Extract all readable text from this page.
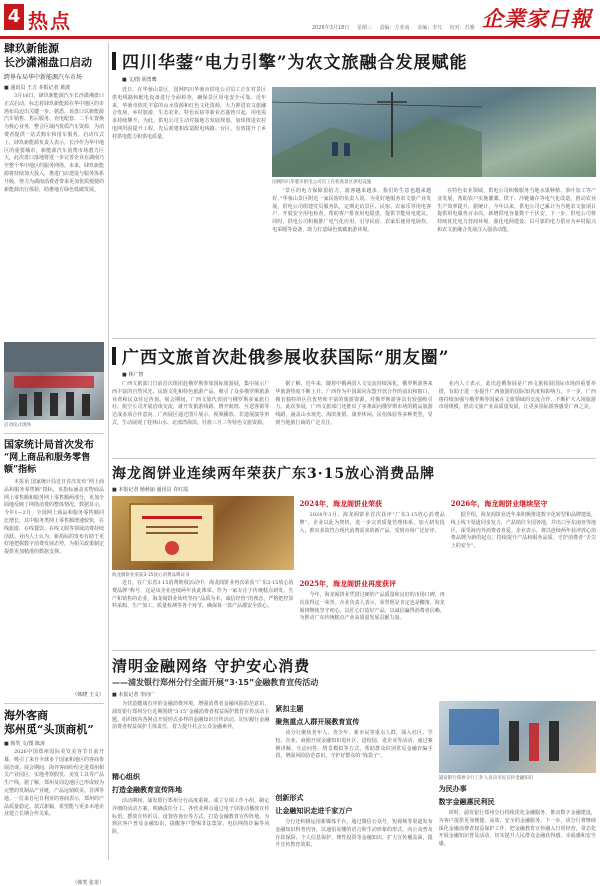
4 热点	2026年3月18日 星期三 责编：方亚南 美编：李凡 校对：苏雅 企業家日報
肆玖新能源
长沙潇湘盘口启动
跨界布局华中新能源汽车市场
■ 通讯员 王力 本报记者 黄波
3月16日，肆玖新能源汽车长沙潇湘盘口正式启动，标志着肆玖新能源在华中地区的市场布局迈出关键一步。据悉，该盘口以新能源汽车销售、售后服务、充电配套、二手车置换为核心业务，整合区域内优质汽车资源，为消费者提供一站式购车和用车服务。启动仪式上，肆玖新能源负责人表示，长沙作为华中地区的重要城市，新能源汽车消费市场潜力巨大，此次盘口落地将进一步完善企业在湖南乃至整个华中地区的服务网络。未来，肆玖新能源将持续加大投入，推进门店建设与服务体系升级，努力为湖南消费者带来更加优质便捷的新能源出行体验，助推地方绿色低碳发展。
启动仪式现场
国家统计局首次发布
“网上商品和服务零售额”指标
本报讯 国家统计局近日首次发布“网上商品和服务零售额”指标，该指标涵盖实物商品网上零售额和服务网上零售额两部分，更加全面地反映了网络消费的整体情况。数据显示，今年1—2月，全国网上商品和服务零售额同比增长，其中服务类网上零售额增速较快，在线旅游、在线餐饮、在线文娱等领域消费持续活跃。业内人士认为，新指标的发布有助于更好地把握数字消费发展态势，为相关政策制定提供更加精准的数据支撑。
（韩晓 王文）
海外客商
郑州觅“头顶商机”
■ 韩笑 文/图 陈涛
2026中国郑州国际美发美容节日前开幕，吸引了来自全球多个国家和地区的客商参展洽谈。展会期间，海外客商纷纷走进郑州相关产业园区，实地考察假发、美发工具等产品生产线。据了解，郑州及周边地区已形成较为完整的发制品产业链，产品远销欧美、非洲等地。一位来自尼日利亚的客商表示，郑州的产品质量稳定、款式新颖，希望能与更多本地企业建立长期合作关系。
（韩笑 张龙）
四川华蓥“电力引擎”为农文旅融合发展赋能
■ 文/图 胡勇鹰
近日，在华蓥山景区，国网四川华蓥市供电公司员工正在对景区供电线路和配电设备进行全面检查，确保景区用电安全可靠。近年来，华蓥市依托丰富的山水资源和红色文化资源，大力推进农文旅融合发展，乡村旅游、生态农业、特色民宿等新业态蓬勃兴起，用电需求持续攀升。为此，供电公司主动对接地方发展规划，加快推进农村电网巩固提升工程，先后新建和改造配电线路、台区，有效提升了乡村供电能力和供电质量。
国网四川华蓥市供电公司员工在检查景区供电设施
“景区的电力保障很给力，游客越来越多，我们的生意也越来越好。”华蓥山景区附近一家民宿的负责人说。为更好地服务农文旅产业发展，供电公司组建党员服务队，定期走访景区、民宿、农家乐等用电客户，开展安全用电检查，帮助客户排查用电隐患，提供节能用电建议。同时，供电公司积极推广电气化应用，引导民宿、农家乐使用电厨炊、电采暖等设备，助力打造绿色低碳旅游环境。
在特色农业领域，供电公司积极服务当地水果种植、茶叶加工等产业发展，帮助农户实施灌溉、烘干、冷链储存等电气化改造，推动农业生产效率提升。据统计，今年以来，供电公司已累计为当地农文旅项目提供用电服务百余次，新增供电容量数千千伏安。下一步，供电公司将持续优化电力营商环境，强化电网建设，以可靠的电力供应为乡村振兴和农文旅融合发展注入强劲动能。
广西文旅首次赴俄参展收获国际“朋友圈”
■ 林广智
广西文旅部门日前首次组团赴俄罗斯参加国际旅游展，集中展示广西丰富的自然风光、民族文化和特色旅游产品，吸引了众多俄罗斯旅游业者和民众驻足咨询。展会期间，广西文旅代表团与俄罗斯多家旅行社、航空公司开展洽谈交流，就开发旅游线路、增开航班、互送客源等达成多项合作意向。广西展区通过图片展示、视频播放、非遗展演等形式，生动展现了桂林山水、北部湾海滨、壮族三月三等特色文旅资源。
据了解，近年来，随着中俄两国人文交流持续深化，俄罗斯游客来华旅游热度不断上升。广西作为中国面向东盟开放合作的前沿和窗口，拥有独特的区位优势和丰富的旅游资源，对俄罗斯游客具有较强吸引力。此次参展，广西文旅部门还推出了多条面向俄罗斯市场的精品旅游线路，涵盖山水观光、海滨度假、康养休闲、民俗体验等多种类型，受到当地旅行商的广泛关注。
业内人士表示，此次赴俄参展是广西文旅拓展国际市场的重要举措，有助于进一步提升广西旅游的国际知名度和影响力。下一步，广西将持续加强与俄罗斯等国家在文旅领域的交流合作，不断扩大入境旅游市场规模，推动文旅产业高质量发展，让更多国际游客感受广西之美。
海龙阁饼业连续两年荣获广东3·15放心消费品牌
■ 本报记者 杨秋丽 通讯员 许红霞
海龙阁饼业荣获3·15放心消费品牌证书
近日，在广东省3·15消费维权活动中，海龙阁饼业再次荣获“广东3·15放心消费品牌”称号，这是该企业连续两年获此殊荣。作为一家专注于传统糕点研发、生产和销售的企业，海龙阁饼业始终坚持“品质为本、诚信经营”的理念，严格把控原料采购、生产加工、质量检测等各个环节，确保每一款产品都安全放心。
2024年，海龙阁饼业荣获
2024年3月，海龙阁饼业首次获评“广东3·15放心消费品牌”，企业以此为契机，进一步完善质量管理体系，加大研发投入，推出多款符合现代消费需求的新产品，受到市场广泛好评。
2025年，海龙阁饼业再度获评
今年，海龙阁饼业凭借过硬的产品质量和良好的市场口碑，再次获得这一荣誉。企业负责人表示，荣誉既是肯定也是鞭策，海龙阁将继续坚守初心，以匠心打造好产品，以诚信赢得消费者信赖，为推动广东传统糕点产业高质量发展贡献力量。
2026年，海龙阁饼业继续坚守
据介绍，海龙阁饼业近年来积极推进数字化转型和品牌建设，线上线下渠道同步发力，产品销往全国各地，并出口至东南亚等地区，深受海内外消费者喜爱。企业表示，将以连续两年获评放心消费品牌为新的起点，持续提升产品和服务品质，守护消费者“舌尖上的安全”。
清明金融网络 守护安心消费
——浦发银行郑州分行全面开展“3·15”金融教育宣传活动
■ 本报记者 李向广
为营造健康有序的金融消费环境，增强消费者金融风险防范意识，浦发银行郑州分行近期围绕“3·15”金融消费者权益保护教育宣传活动主题，组织辖内各网点开展形式多样的金融知识宣传活动，切实履行金融消费者权益保护主体责任，着力提升社会公众金融素养。
精心组织
打造金融教育宣传阵地
活动期间，浦发银行郑州分行高度重视，成立专项工作小组，制定详细的活动方案，明确责任分工。各营业网点通过电子屏滚动播放宣传标语、摆放宣传折页、设置咨询台等方式，打造金融教育宣传阵地，为到店客户普及金融知识，提醒客户警惕非法集资、电信网络诈骗等风险。
紧扣主题
聚焦重点人群开展教育宣传
该分行聚焦老年人、青少年、新市民等重点人群，深入社区、学校、企业、商圈开展金融知识进社区、进校园、进企业等活动，通过案例讲解、互动问答、情景模拟等方式，帮助群众识别常见金融诈骗手段，增强风险防范意识，守护好群众的“钱袋子”。
创新形式
让金融知识走进千家万户
分行还积极运用新媒体平台，通过微信公众号、短视频等渠道发布金融知识科普内容，以通俗易懂的语言和生动形象的形式，向公众普及存款保险、个人信息保护、理性投资等金融知识，扩大宣传覆盖面，提升宣传教育效果。
浦发银行郑州分行工作人员向市民宣传金融知识
为民办事
数字金融惠民利民
同时，浦发银行郑州分行持续优化金融服务，推动数字金融建设，为客户提供更加便捷、高效、安全的金融服务。下一步，该分行将继续深化金融消费者权益保护工作，把金融教育宣传融入日常经营，常态化开展金融知识普及活动，切实提升人民群众金融获得感、幸福感和安全感。
